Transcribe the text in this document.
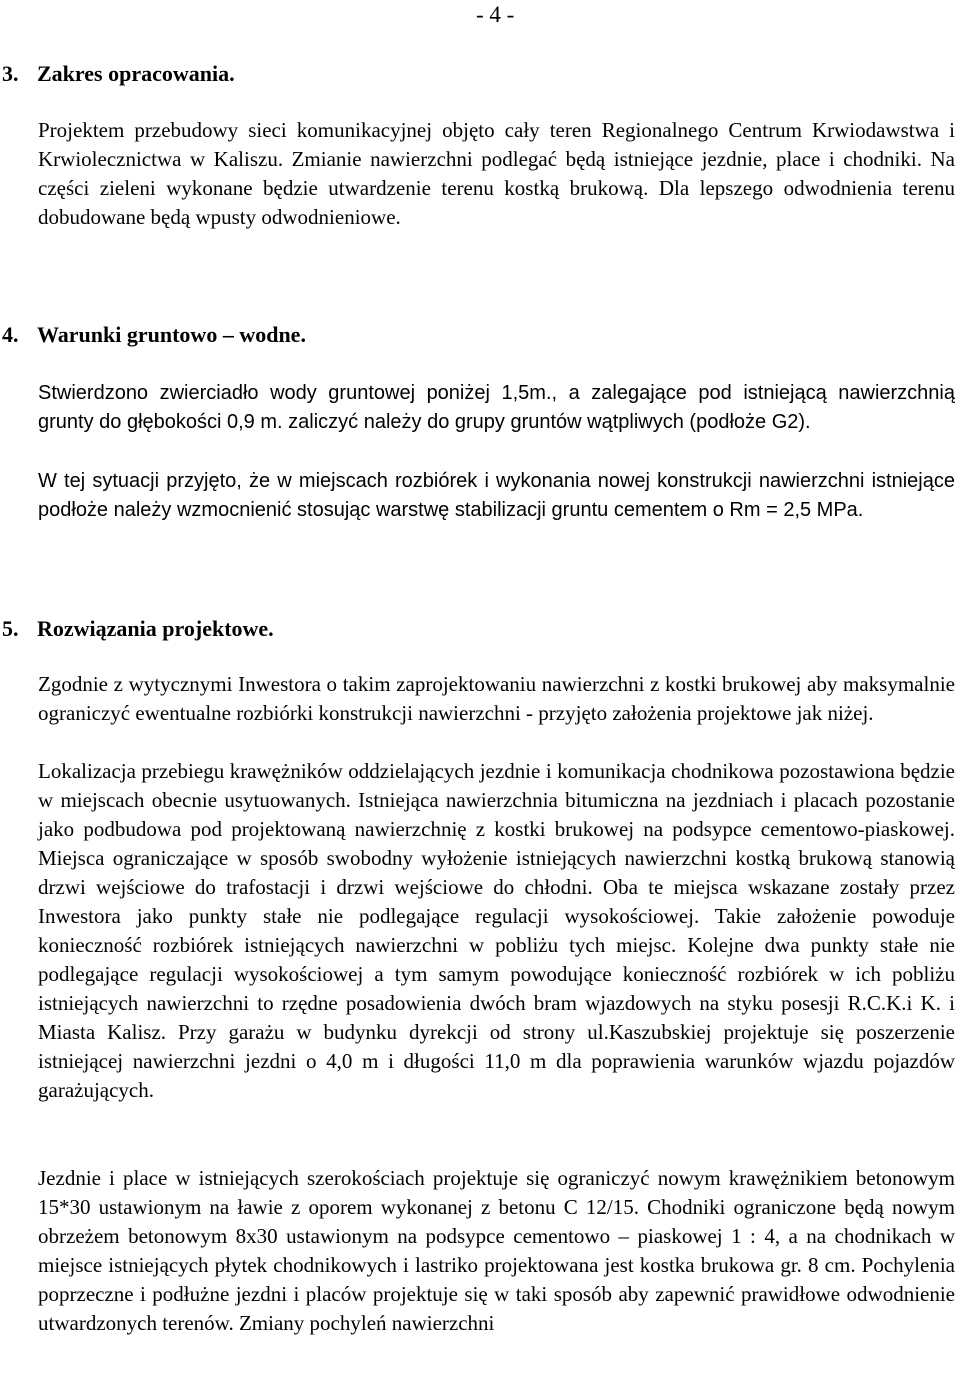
- 4 -
3. Zakres opracowania.
Projektem przebudowy sieci komunikacyjnej objęto cały teren Regionalnego Centrum Krwiodawstwa i Krwiolecznictwa w Kaliszu. Zmianie nawierzchni podlegać będą istniejące jezdnie, place i chodniki. Na części zieleni wykonane będzie utwardzenie terenu kostką brukową. Dla lepszego odwodnienia terenu dobudowane będą wpusty odwodnieniowe.
4. Warunki gruntowo – wodne.
Stwierdzono zwierciadło wody gruntowej poniżej 1,5m., a zalegające pod istniejącą nawierzchnią grunty do głębokości 0,9 m. zaliczyć należy do grupy gruntów wątpliwych (podłoże G2).
W tej sytuacji przyjęto, że w miejscach rozbiórek i wykonania nowej konstrukcji nawierzchni istniejące podłoże należy wzmocnienić stosując warstwę stabilizacji gruntu cementem o Rm = 2,5 MPa.
5. Rozwiązania projektowe.
Zgodnie z wytycznymi Inwestora o takim zaprojektowaniu nawierzchni z kostki brukowej aby maksymalnie ograniczyć ewentualne rozbiórki konstrukcji nawierzchni - przyjęto założenia projektowe jak niżej.
Lokalizacja przebiegu krawężników oddzielających jezdnie i komunikacja chodnikowa pozostawiona będzie w miejscach obecnie usytuowanych. Istniejąca nawierzchnia bitumiczna na jezdniach i placach pozostanie jako podbudowa pod projektowaną nawierzchnię z kostki brukowej na podsypce cementowo-piaskowej. Miejsca ograniczające w sposób swobodny wyłożenie istniejących nawierzchni kostką brukową stanowią drzwi wejściowe do trafostacji i drzwi wejściowe do chłodni. Oba te miejsca wskazane zostały przez Inwestora jako punkty stałe nie podlegające regulacji wysokościowej. Takie założenie powoduje konieczność rozbiórek istniejących nawierzchni w pobliżu tych miejsc. Kolejne dwa punkty stałe nie podlegające regulacji wysokościowej a tym samym powodujące konieczność rozbiórek w ich pobliżu istniejących nawierzchni to rzędne posadowienia dwóch bram wjazdowych na styku posesji R.C.K.i K. i Miasta Kalisz. Przy garażu w budynku dyrekcji od strony ul.Kaszubskiej projektuje się poszerzenie istniejącej nawierzchni jezdni o 4,0 m i długości 11,0 m dla poprawienia warunków wjazdu pojazdów garażujących.
Jezdnie i place w istniejących szerokościach projektuje się ograniczyć nowym krawężnikiem betonowym 15*30 ustawionym na ławie z oporem wykonanej z betonu C 12/15. Chodniki ograniczone będą nowym obrzeżem betonowym 8x30 ustawionym na podsypce cementowo – piaskowej 1 : 4, a na chodnikach w miejsce istniejących płytek chodnikowych i lastriko projektowana jest kostka brukowa gr. 8 cm. Pochylenia poprzeczne i podłużne jezdni i placów projektuje się w taki sposób aby zapewnić prawidłowe odwodnienie utwardzonych terenów. Zmiany pochyleń nawierzchni
